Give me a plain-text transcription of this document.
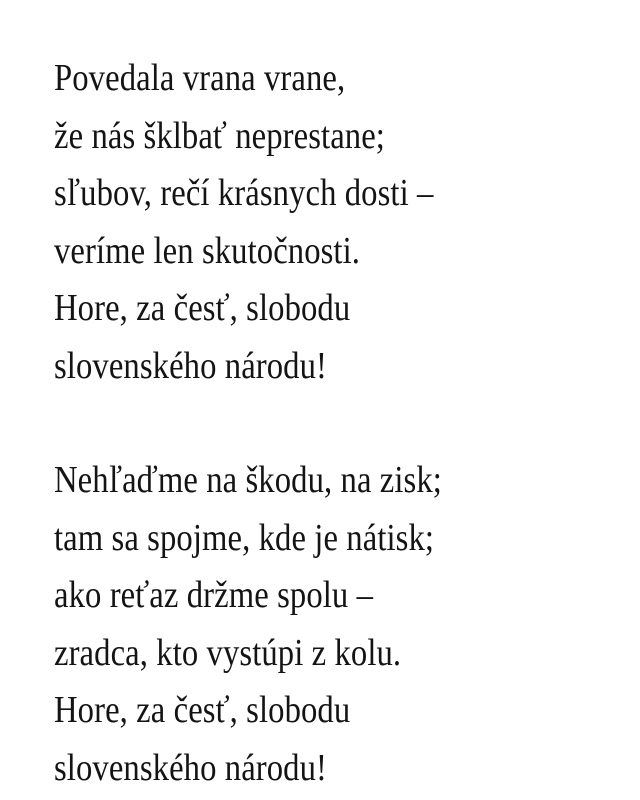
Povedala vrana vrane,
že nás šklbať neprestane;
sľubov, rečí krásnych dosti –
veríme len skutočnosti.
Hore, za česť, slobodu
slovenského národu!

Nehľaďme na škodu, na zisk;
tam sa spojme, kde je nátisk;
ako reťaz držme spolu –
zradca, kto vystúpi z kolu.
Hore, za česť, slobodu
slovenského národu!
